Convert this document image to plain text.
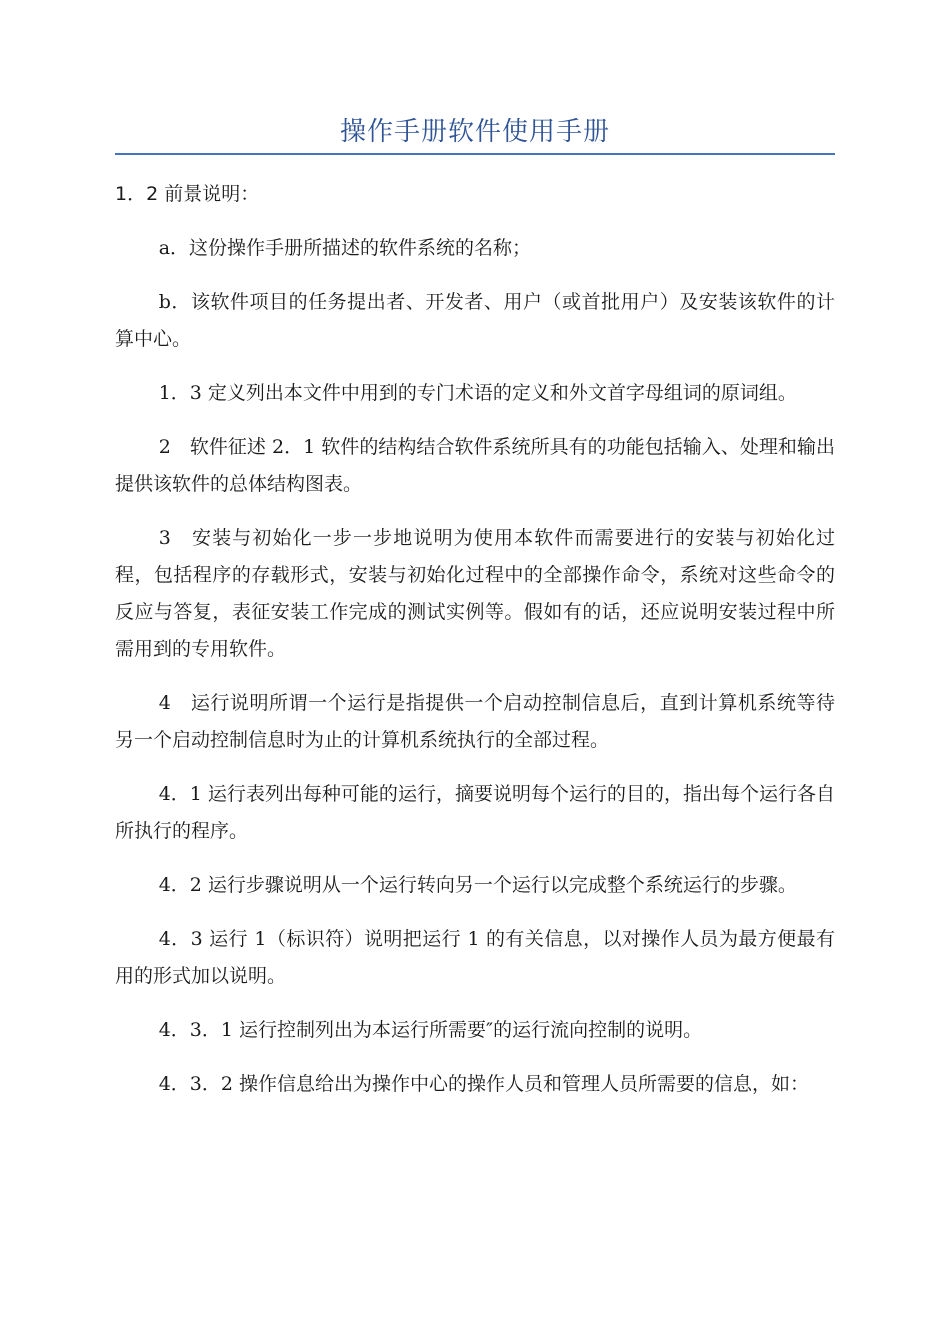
操作手册软件使用手册

1．2 前景说明：

a．这份操作手册所描述的软件系统的名称；

b．该软件项目的任务提出者、开发者、用户（或首批用户）及安装该软件的计算中心。

1．3 定义列出本文件中用到的专门术语的定义和外文首字母组词的原词组。

2　软件征述 2．1 软件的结构结合软件系统所具有的功能包括输入、处理和输出提供该软件的总体结构图表。

3　安装与初始化一步一步地说明为使用本软件而需要进行的安装与初始化过程，包括程序的存载形式，安装与初始化过程中的全部操作命令，系统对这些命令的反应与答复，表征安装工作完成的测试实例等。假如有的话，还应说明安装过程中所需用到的专用软件。

4　运行说明所谓一个运行是指提供一个启动控制信息后，直到计算机系统等待另一个启动控制信息时为止的计算机系统执行的全部过程。

4．1 运行表列出每种可能的运行，摘要说明每个运行的目的，指出每个运行各自所执行的程序。

4．2 运行步骤说明从一个运行转向另一个运行以完成整个系统运行的步骤。

4．3 运行 1（标识符）说明把运行 1 的有关信息，以对操作人员为最方便最有用的形式加以说明。

4．3．1 运行控制列出为本运行所需要″的运行流向控制的说明。

4．3．2 操作信息给出为操作中心的操作人员和管理人员所需要的信息，如：
